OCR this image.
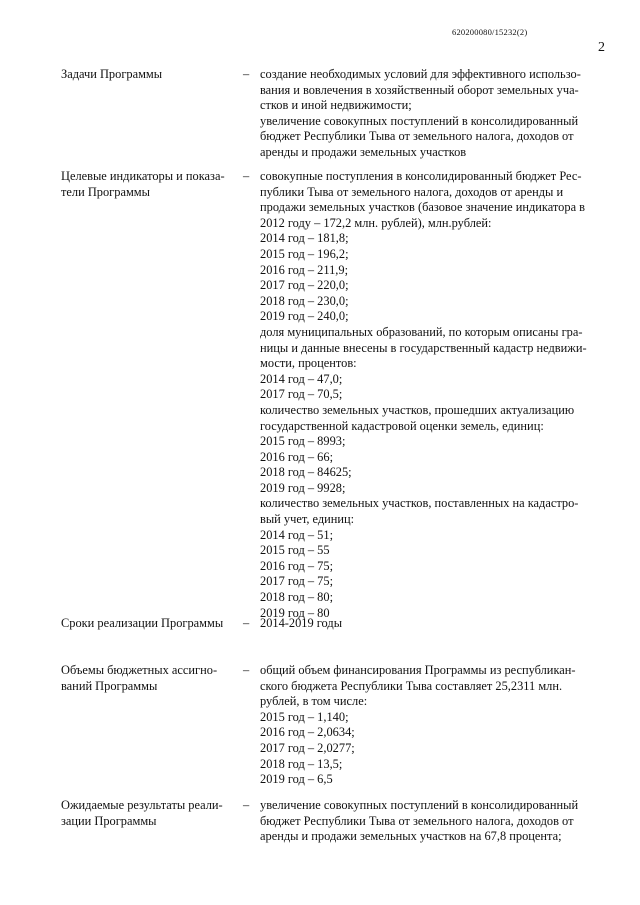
620200080/15232(2)
2
Задачи Программы	– создание необходимых условий для эффективного использо-
вания и вовлечения в хозяйственный оборот земельных уча-
стков и иной недвижимости;
увеличение совокупных поступлений в консолидированный
бюджет Республики Тыва от земельного налога, доходов от
аренды и продажи земельных участков
Целевые индикаторы и показа-тели Программы
– совокупные поступления в консолидированный бюджет Рес-
публики Тыва от земельного налога, доходов от аренды и
продажи земельных участков (базовое значение индикатора в
2012 году – 172,2 млн. рублей), млн.рублей:
2014 год – 181,8;
2015 год – 196,2;
2016 год – 211,9;
2017 год – 220,0;
2018 год – 230,0;
2019 год – 240,0;
доля муниципальных образований, по которым описаны гра-
ницы и данные внесены в государственный кадастр недвижи-
мости, процентов:
2014 год – 47,0;
2017 год – 70,5;
количество земельных участков, прошедших актуализацию
государственной кадастровой оценки земель, единиц:
2015 год – 8993;
2016 год – 66;
2018 год – 84625;
2019 год – 9928;
количество земельных участков, поставленных на кадастро-
вый учет, единиц:
2014 год – 51;
2015 год – 55
2016 год – 75;
2017 год – 75;
2018 год – 80;
2019 год – 80
Сроки реализации Программы	– 2014-2019 годы
Объемы бюджетных ассигно-ваний Программы
– общий объем финансирования Программы из республикан-
ского бюджета Республики Тыва составляет 25,2311 млн.
рублей, в том числе:
2015 год – 1,140;
2016 год – 2,0634;
2017 год – 2,0277;
2018 год – 13,5;
2019 год – 6,5
Ожидаемые результаты реали-зации Программы
– увеличение совокупных поступлений в консолидированный
бюджет Республики Тыва от земельного налога, доходов от
аренды и продажи земельных участков на 67,8 процента;
